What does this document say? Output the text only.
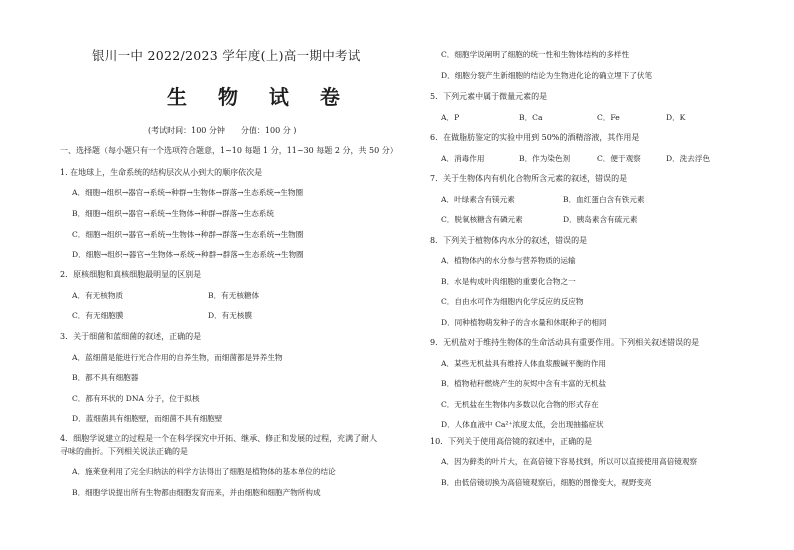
银川一中 2022/2023 学年度(上)高一期中考试
生 物 试 卷
(考试时间：100 分钟　　分值：100 分 )
一、选择题（每小题只有一个选项符合题意，1~10 每题 1 分，11~30 每题 2 分，共 50 分）
1. 在地球上，生命系统的结构层次从小到大的顺序依次是
A．细胞→组织→器官→系统→种群→生物体→群落→生态系统→生物圈
B．细胞→组织→器官→系统→生物体→种群→群落→生态系统
C．细胞→组织→器官→系统→生物体→种群→群落→生态系统→生物圈
D．细胞→组织→器官→生物体→系统→种群→群落→生态系统→生物圈
2．原核细胞和真核细胞最明显的区别是
A．有无核物质	B．有无核糖体
C．有无细胞膜	D．有无核膜
3．关于细菌和蓝细菌的叙述，正确的是
A．蓝细菌是能进行光合作用的自养生物，而细菌都是异养生物
B．都不具有细胞器
C．都有环状的 DNA 分子，位于拟核
D．蓝细菌具有细胞壁，而细菌不具有细胞壁
4．细胞学说建立的过程是一个在科学探究中开拓、继承、修正和发展的过程，充满了耐人
寻味的曲折。下列相关说法正确的是
A．施莱登利用了完全归纳法的科学方法得出了细胞是植物体的基本单位的结论
B．细胞学说提出所有生物都由细胞发育而来，并由细胞和细胞产物所构成
C．细胞学说阐明了细胞的统一性和生物体结构的多样性
D．细胞分裂产生新细胞的结论为生物进化论的确立埋下了伏笔
5．下列元素中属于微量元素的是
A．P	B．Ca	C．Fe	D．K
6．在做脂肪鉴定的实验中用到 50%的酒精溶液，其作用是
A．消毒作用	B．作为染色剂	C．便于观察	D．洗去浮色
7．关于生物体内有机化合物所含元素的叙述，错误的是
A．叶绿素含有镁元素	B．血红蛋白含有铁元素
C．脱氧核糖含有磷元素	D．胰岛素含有硫元素
8．下列关于植物体内水分的叙述，错误的是
A．植物体内的水分参与营养物质的运输
B．水是构成叶肉细胞的重要化合物之一
C．自由水可作为细胞内化学反应的反应物
D．同种植物萌发种子的含水量和休眠种子的相同
9．无机盐对于维持生物体的生命活动具有重要作用。下列相关叙述错误的是
A．某些无机盐具有维持人体血浆酸碱平衡的作用
B．植物秸秆燃烧产生的灰烬中含有丰富的无机盐
C．无机盐在生物体内多数以化合物的形式存在
D．人体血液中 Ca²⁺浓度太低，会出现抽搐症状
10．下列关于使用高倍镜的叙述中，正确的是
A．因为藓类的叶片大，在高倍镜下容易找到，所以可以直接使用高倍镜观察
B．由低倍镜切换为高倍镜观察后，细胞的图像变大，视野变亮
